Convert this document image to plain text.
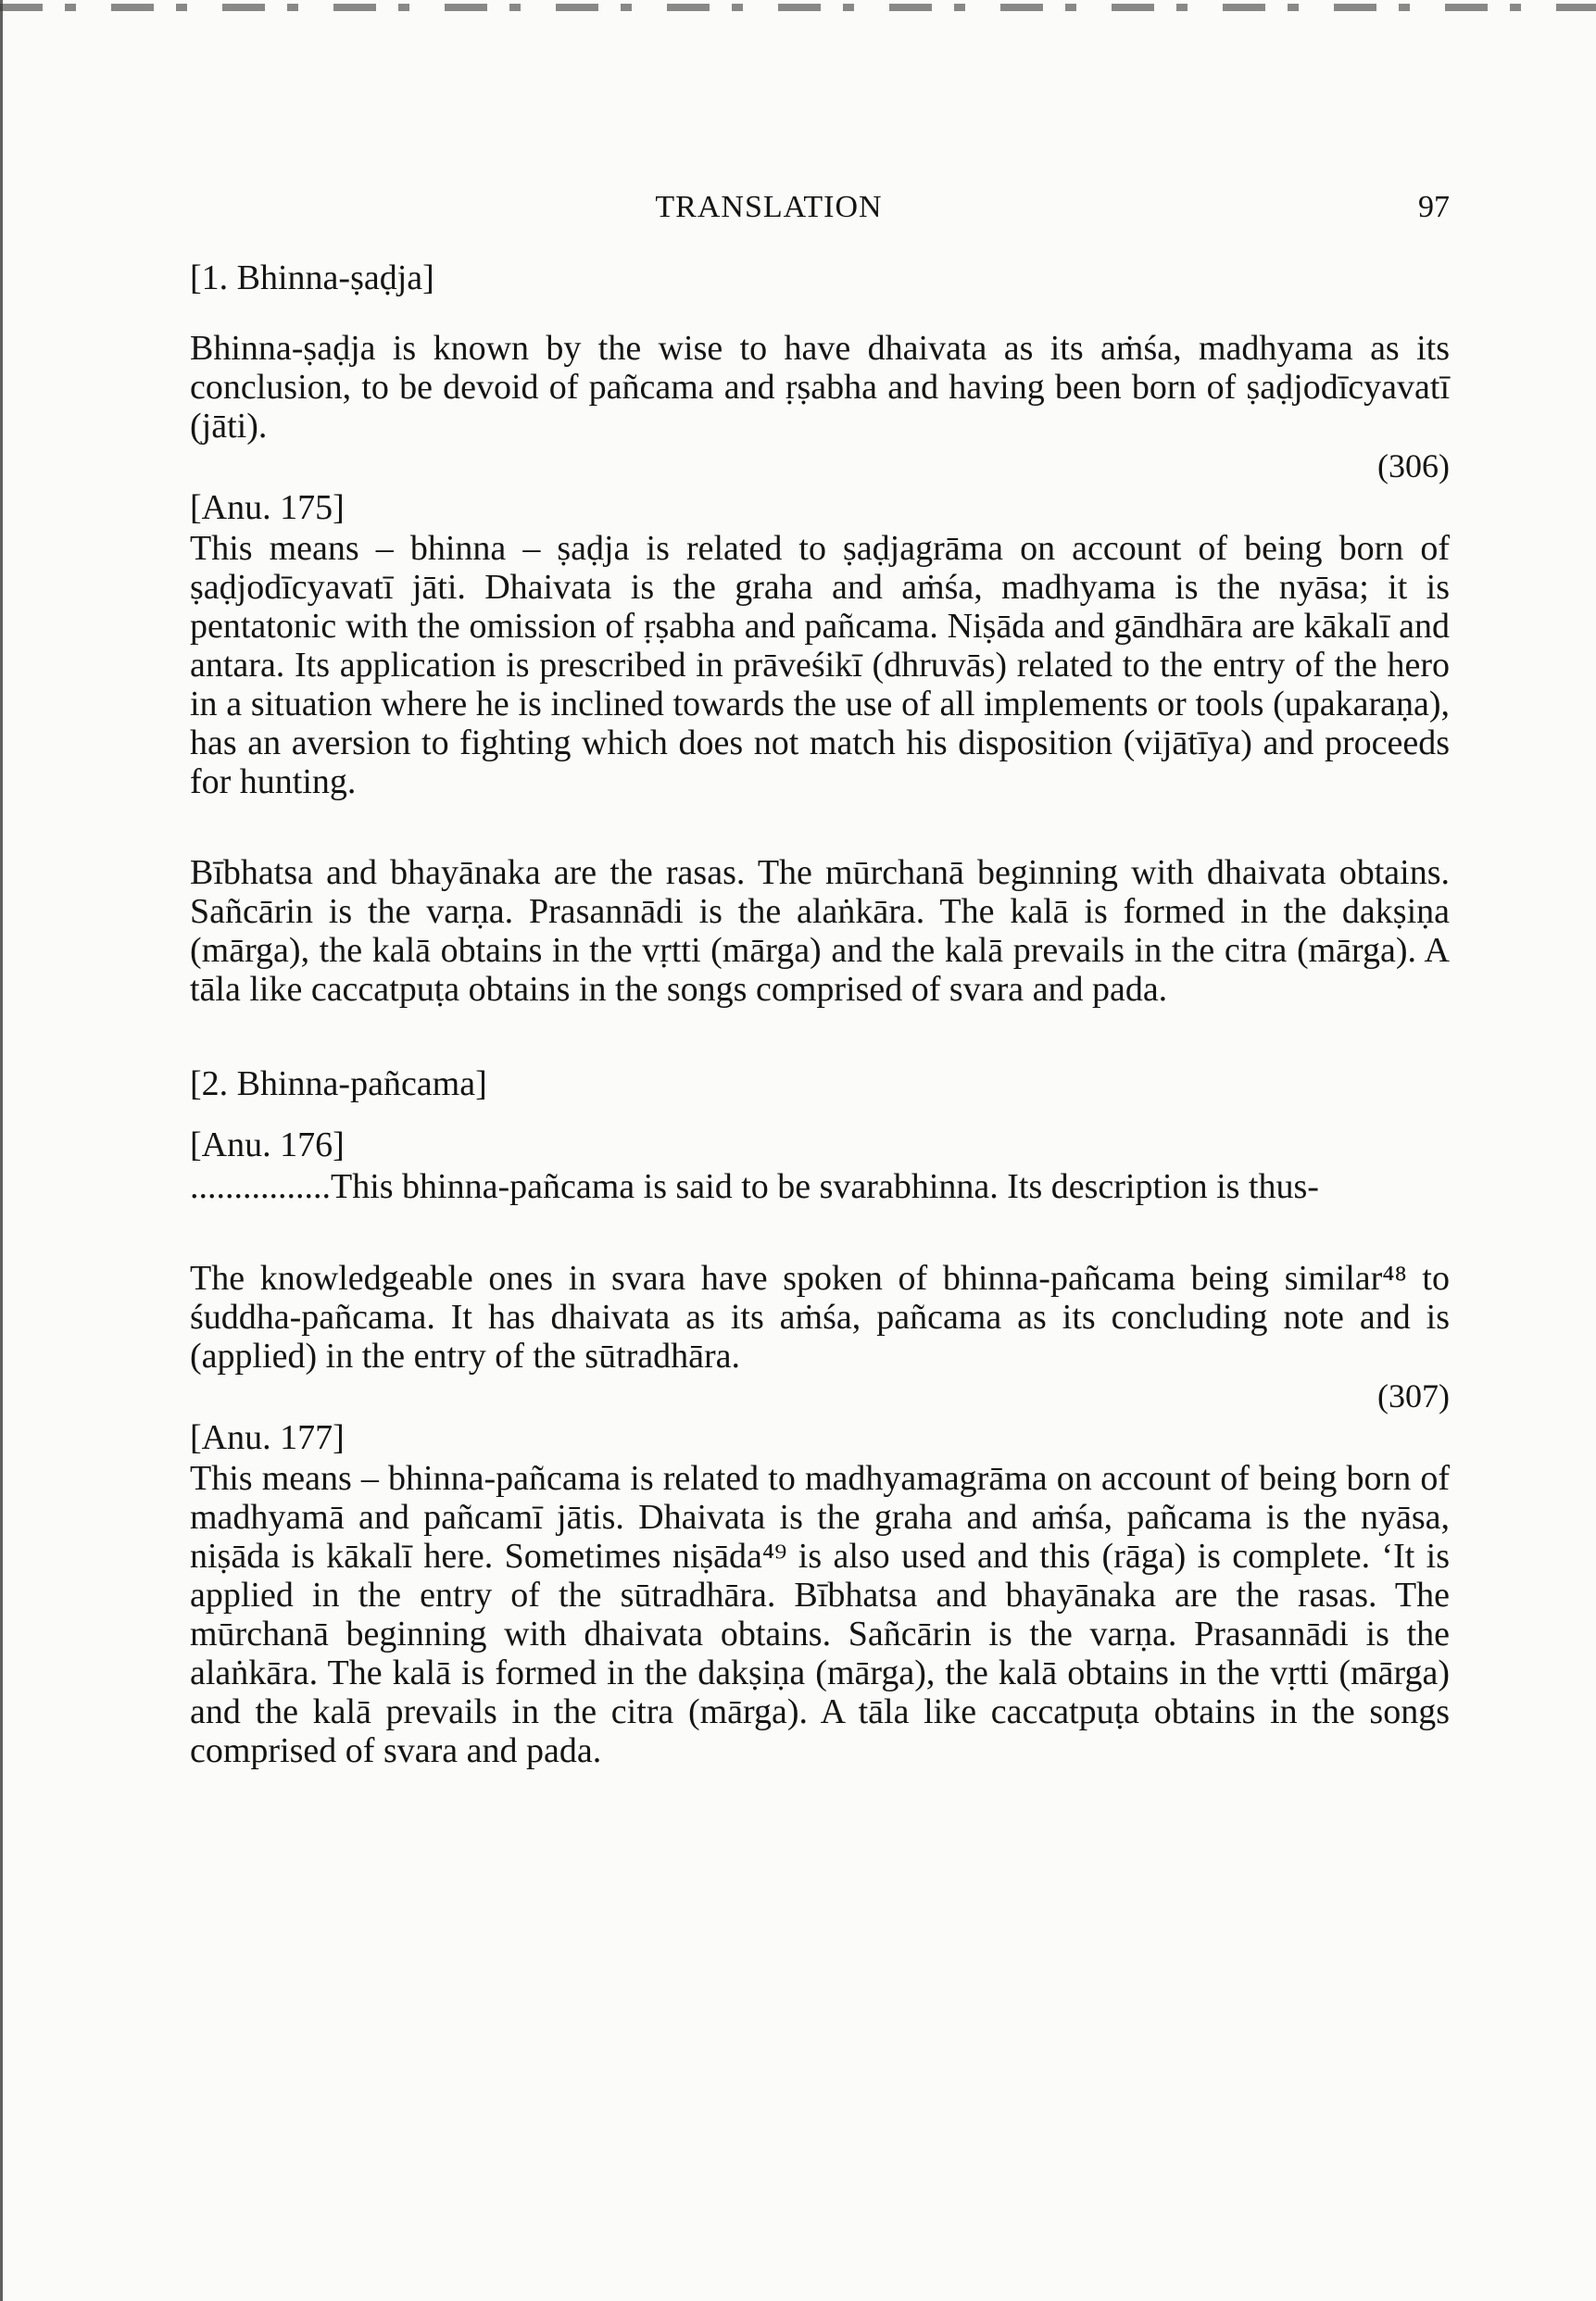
TRANSLATION	97
[1. Bhinna-ṣaḍja]

Bhinna-ṣaḍja is known by the wise to have dhaivata as its aṁśa, madhyama as its conclusion, to be devoid of pañcama and ṛṣabha and having been born of ṣaḍjodīcyavatī (jāti).

(306)

[Anu. 175]

This means – bhinna – ṣaḍja is related to ṣaḍjagrāma on account of being born of ṣaḍjodīcyavatī jāti. Dhaivata is the graha and aṁśa, madhyama is the nyāsa; it is pentatonic with the omission of ṛṣabha and pañcama. Niṣāda and gāndhāra are kākalī and antara. Its application is prescribed in prāveśikī (dhruvās) related to the entry of the hero in a situation where he is inclined towards the use of all implements or tools (upakaraṇa), has an aversion to fighting which does not match his disposition (vijātīya) and proceeds for hunting.

Bībhatsa and bhayānaka are the rasas. The mūrchanā beginning with dhaivata obtains. Sañcārin is the varṇa. Prasannādi is the alaṅkāra. The kalā is formed in the dakṣiṇa (mārga), the kalā obtains in the vṛtti (mārga) and the kalā prevails in the citra (mārga). A tāla like caccatpuṭa obtains in the songs comprised of svara and pada.

[2. Bhinna-pañcama]

[Anu. 176]

................This bhinna-pañcama is said to be svarabhinna. Its description is thus-

The knowledgeable ones in svara have spoken of bhinna-pañcama being similar⁴⁸ to śuddha-pañcama. It has dhaivata as its aṁśa, pañcama as its concluding note and is (applied) in the entry of the sūtradhāra.

(307)

[Anu. 177]

This means – bhinna-pañcama is related to madhyamagrāma on account of being born of madhyamā and pañcamī jātis. Dhaivata is the graha and aṁśa, pañcama is the nyāsa, niṣāda is kākalī here. Sometimes niṣāda⁴⁹ is also used and this (rāga) is complete. ʻIt is applied in the entry of the sūtradhāra. Bībhatsa and bhayānaka are the rasas. The mūrchanā beginning with dhaivata obtains. Sañcārin is the varṇa. Prasannādi is the alaṅkāra. The kalā is formed in the dakṣiṇa (mārga), the kalā obtains in the vṛtti (mārga) and the kalā prevails in the citra (mārga). A tāla like caccatpuṭa obtains in the songs comprised of svara and pada.
